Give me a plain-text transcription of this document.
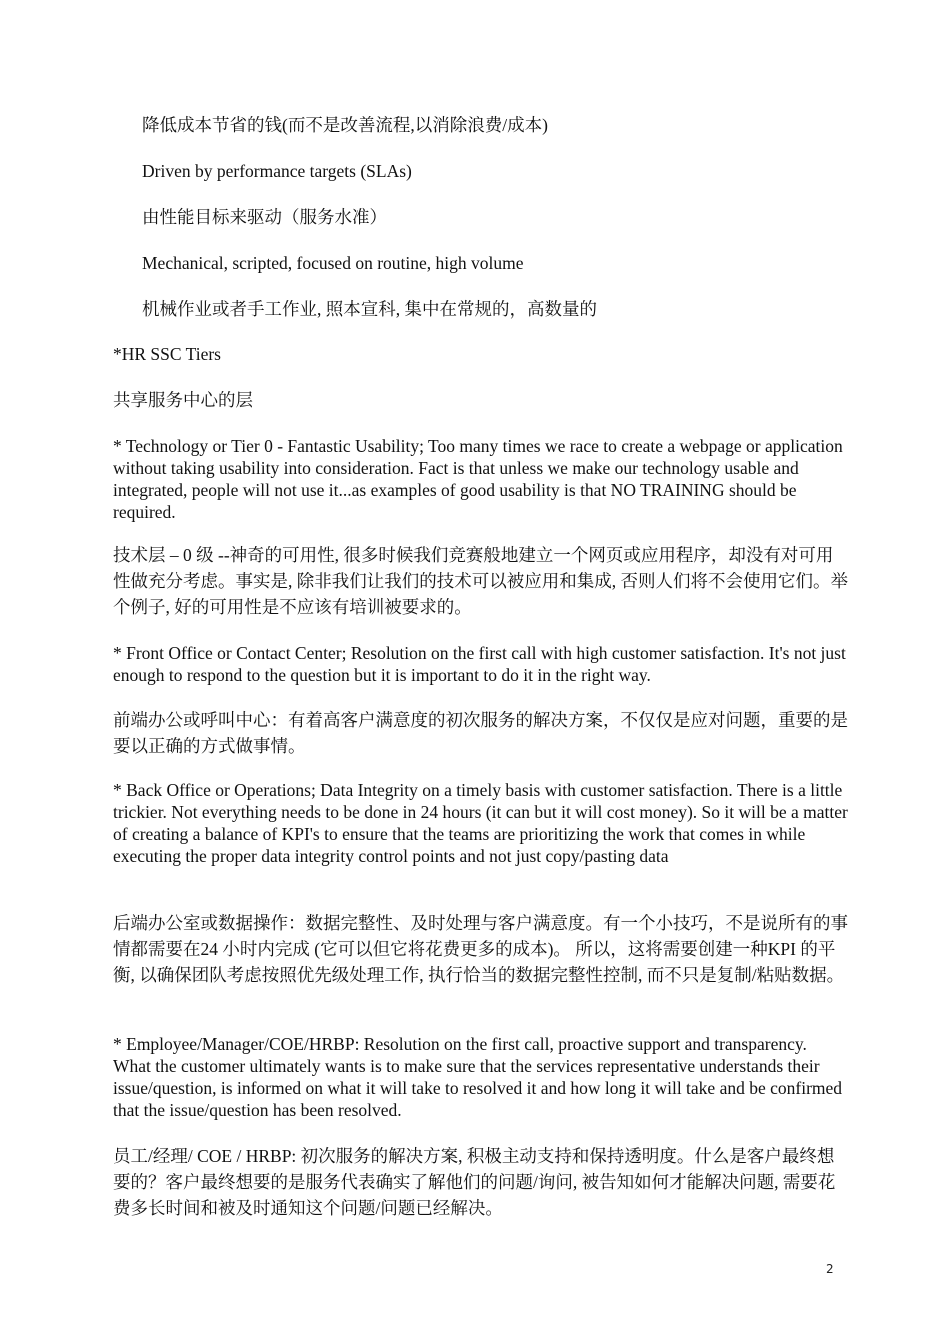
降低成本节省的钱(而不是改善流程,以消除浪费/成本)

Driven by performance targets (SLAs)

由性能目标来驱动（服务水准）

Mechanical, scripted, focused on routine, high volume

机械作业或者手工作业, 照本宣科, 集中在常规的，高数量的

*HR SSC Tiers

共享服务中心的层

* Technology or Tier 0 - Fantastic Usability; Too many times we race to create a webpage or application without taking usability into consideration. Fact is that unless we make our technology usable and integrated, people will not use it...as examples of good usability is that NO TRAINING should be required.

技术层 – 0 级 --神奇的可用性, 很多时候我们竞赛般地建立一个网页或应用程序，却没有对可用性做充分考虑。事实是, 除非我们让我们的技术可以被应用和集成, 否则人们将不会使用它们。举个例子, 好的可用性是不应该有培训被要求的。

* Front Office or Contact Center; Resolution on the first call with high customer satisfaction. It's not just enough to respond to the question but it is important to do it in the right way.

前端办公或呼叫中心：有着高客户满意度的初次服务的解决方案，不仅仅是应对问题，重要的是要以正确的方式做事情。

* Back Office or Operations; Data Integrity on a timely basis with customer satisfaction. There is a little trickier. Not everything needs to be done in 24 hours (it can but it will cost money). So it will be a matter of creating a balance of KPI's to ensure that the teams are prioritizing the work that comes in while executing the proper data integrity control points and not just copy/pasting data

后端办公室或数据操作：数据完整性、及时处理与客户满意度。有一个小技巧，不是说所有的事情都需要在24 小时内完成 (它可以但它将花费更多的成本)。 所以，这将需要创建一种KPI 的平衡, 以确保团队考虑按照优先级处理工作, 执行恰当的数据完整性控制, 而不只是复制/粘贴数据。

* Employee/Manager/COE/HRBP: Resolution on the first call, proactive support and transparency. What the customer ultimately wants is to make sure that the services representative understands their issue/question, is informed on what it will take to resolved it and how long it will take and be confirmed that the issue/question has been resolved.

员工/经理/ COE / HRBP: 初次服务的解决方案, 积极主动支持和保持透明度。什么是客户最终想要的？客户最终想要的是服务代表确实了解他们的问题/询问, 被告知如何才能解决问题, 需要花费多长时间和被及时通知这个问题/问题已经解决。

2
